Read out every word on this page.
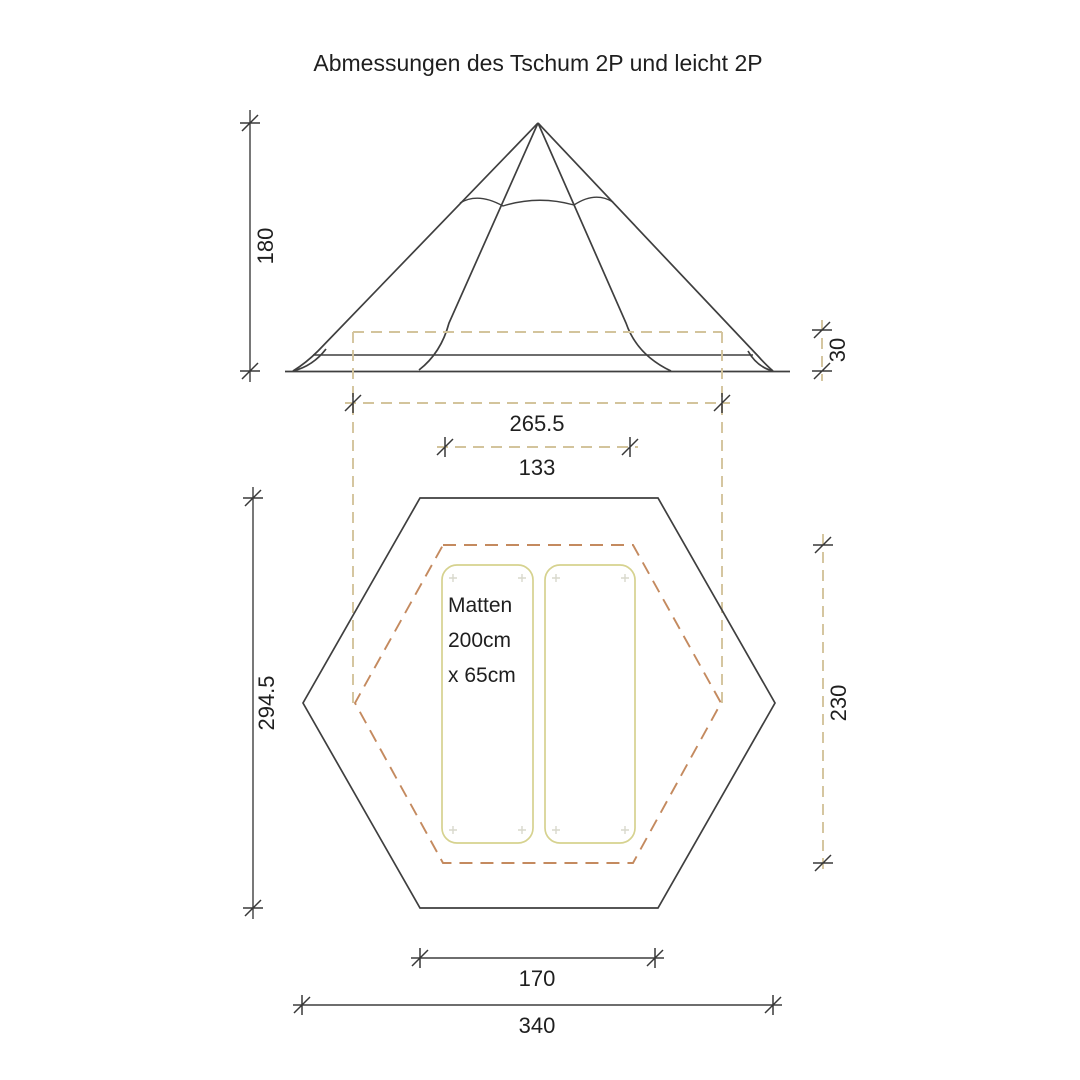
Abmessungen des Tschum 2P und leicht 2P
180
30
265.5
133
Matten
200cm
x 65cm
294.5	230
170
340
